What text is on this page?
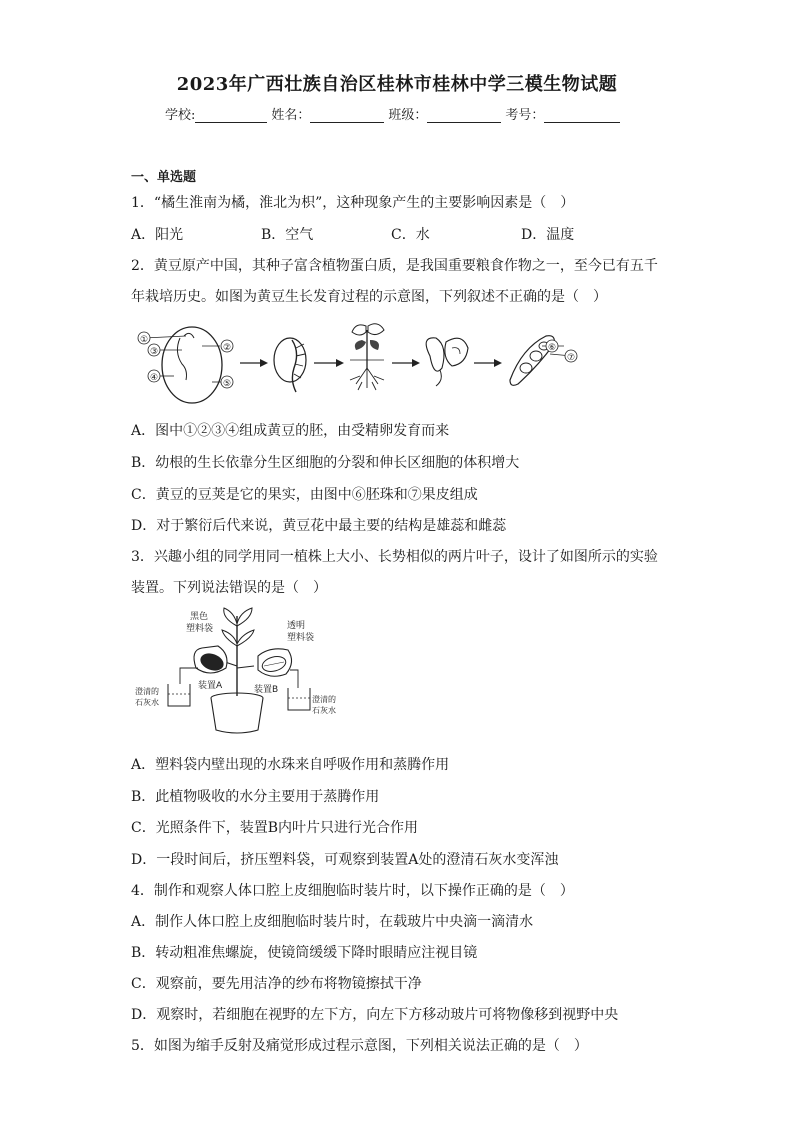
2023年广西壮族自治区桂林市桂林中学三模生物试题
学校:	姓名：	班级：	考号：
一、单选题
1．“橘生淮南为橘，淮北为枳”，这种现象产生的主要影响因素是（　）
A．阳光	B．空气	C．水	D．温度
2．黄豆原产中国，其种子富含植物蛋白质，是我国重要粮食作物之一，至今已有五千
年栽培历史。如图为黄豆生长发育过程的示意图，下列叙述不正确的是（　）
①
③
④
②
⑤
⑥
⑦
A．图中①②③④组成黄豆的胚，由受精卵发育而来
B．幼根的生长依靠分生区细胞的分裂和伸长区细胞的体积增大
C．黄豆的豆荚是它的果实，由图中⑥胚珠和⑦果皮组成
D．对于繁衍后代来说，黄豆花中最主要的结构是雄蕊和雌蕊
3．兴趣小组的同学用同一植株上大小、长势相似的两片叶子，设计了如图所示的实验
装置。下列说法错误的是（　）
黑色
塑料袋	透明
塑料袋
装置A	装置B
澄清的
石灰水	澄清的
石灰水
A．塑料袋内壁出现的水珠来自呼吸作用和蒸腾作用
B．此植物吸收的水分主要用于蒸腾作用
C．光照条件下，装置B内叶片只进行光合作用
D．一段时间后，挤压塑料袋，可观察到装置A处的澄清石灰水变浑浊
4．制作和观察人体口腔上皮细胞临时装片时，以下操作正确的是（　）
A．制作人体口腔上皮细胞临时装片时，在载玻片中央滴一滴清水
B．转动粗准焦螺旋，使镜筒缓缓下降时眼睛应注视目镜
C．观察前，要先用洁净的纱布将物镜擦拭干净
D．观察时，若细胞在视野的左下方，向左下方移动玻片可将物像移到视野中央
5．如图为缩手反射及痛觉形成过程示意图，下列相关说法正确的是（　）
